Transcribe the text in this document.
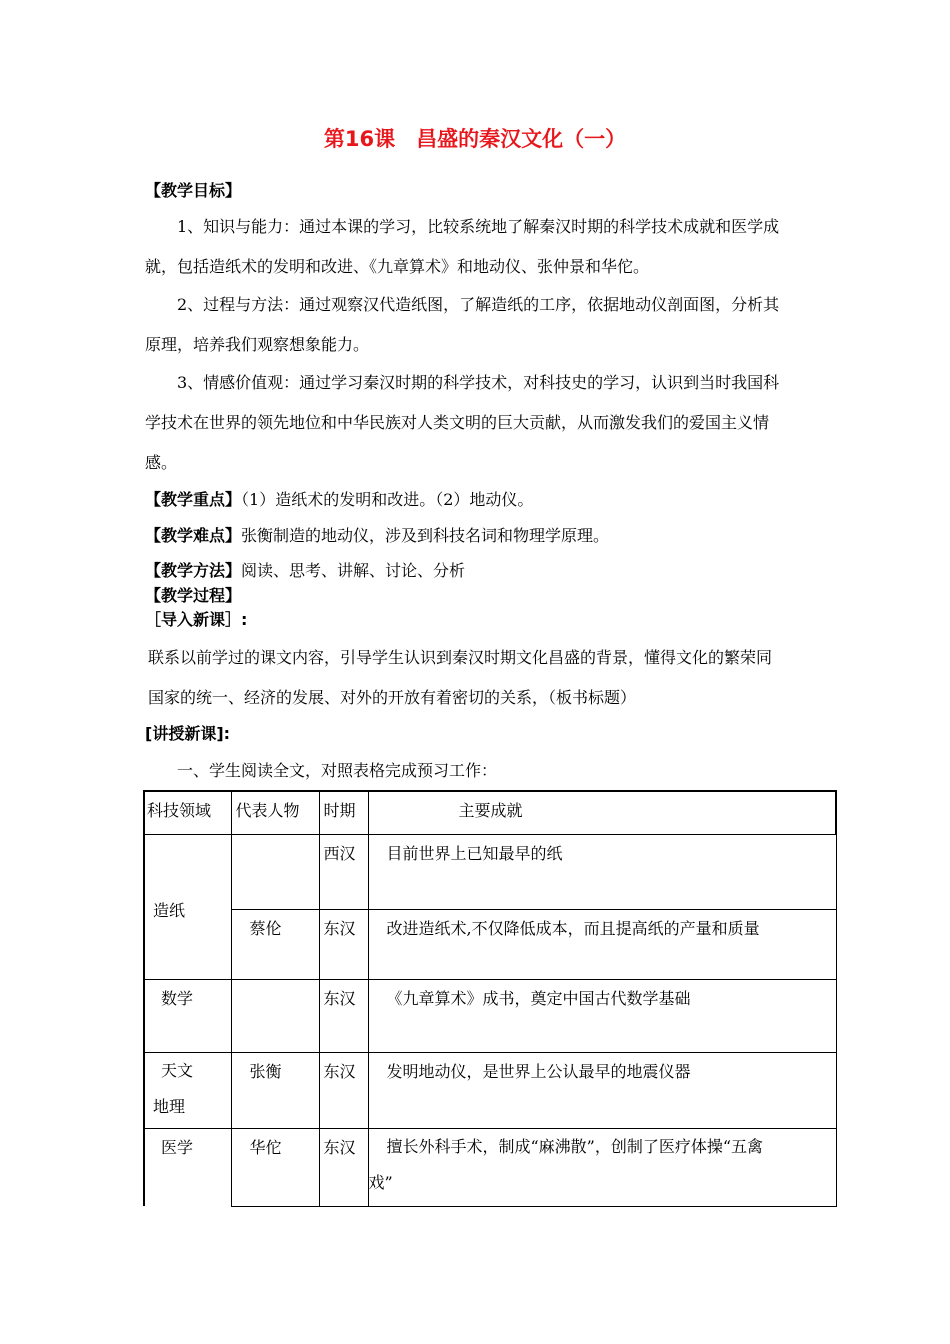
第16课　昌盛的秦汉文化（一）
【教学目标】
1、知识与能力：通过本课的学习，比较系统地了解秦汉时期的科学技术成就和医学成
就，包括造纸术的发明和改进、《九章算术》和地动仪、张仲景和华佗。
2、过程与方法：通过观察汉代造纸图，了解造纸的工序，依据地动仪剖面图，分析其
原理，培养我们观察想象能力。
3、情感价值观：通过学习秦汉时期的科学技术，对科技史的学习，认识到当时我国科
学技术在世界的领先地位和中华民族对人类文明的巨大贡献，从而激发我们的爱国主义情
感。
【教学重点】（1）造纸术的发明和改进。（2）地动仪。
【教学难点】张衡制造的地动仪，涉及到科技名词和物理学原理。
【教学方法】阅读、思考、讲解、讨论、分析
【教学过程】
［导入新课］:
联系以前学过的课文内容，引导学生认识到秦汉时期文化昌盛的背景，懂得文化的繁荣同
国家的统一、经济的发展、对外的开放有着密切的关系，（板书标题）
[讲授新课]:
一、学生阅读全文，对照表格完成预习工作：
科技领域	代表人物	时期	主要成就
造纸		西汉	目前世界上已知最早的纸
	蔡伦	东汉	改进造纸术,不仅降低成本，而且提高纸的产量和质量
数学		东汉	《九章算术》成书，奠定中国古代数学基础

天文
地理	张衡	东汉	发明地动仪，是世界上公认最早的地震仪器
医学	华佗	东汉	擅长外科手术，制成“麻沸散”，创制了医疗体操“五禽
戏”
